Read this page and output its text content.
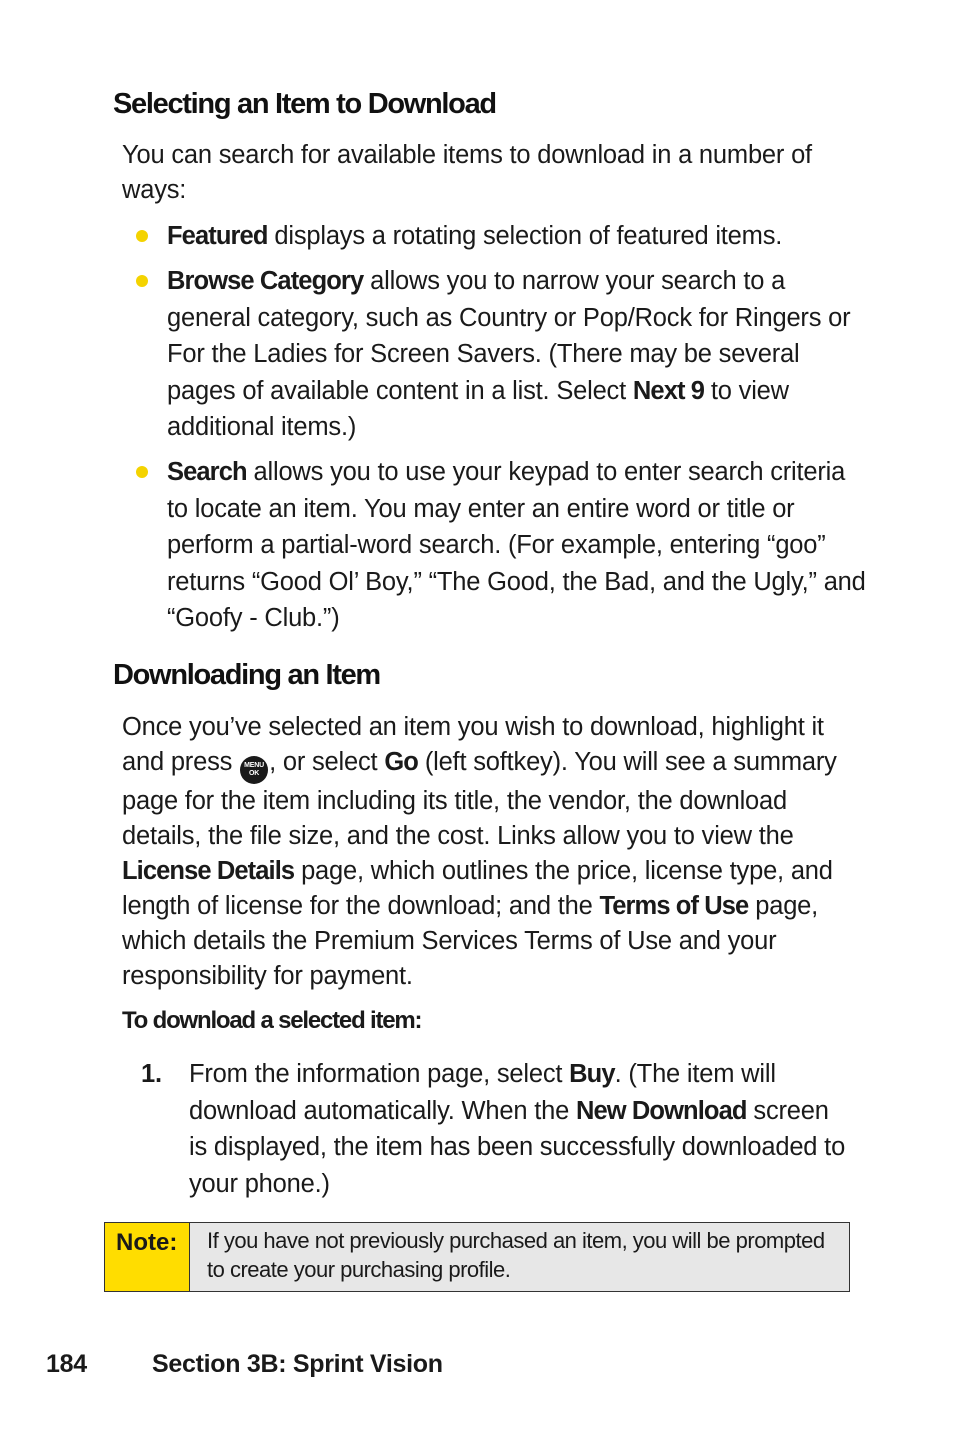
Selecting an Item to Download

You can search for available items to download in a number of ways:

Featured displays a rotating selection of featured items.

Browse Category allows you to narrow your search to a general category, such as Country or Pop/Rock for Ringers or For the Ladies for Screen Savers. (There may be several pages of available content in a list. Select Next 9 to view additional items.)

Search allows you to use your keypad to enter search criteria to locate an item. You may enter an entire word or title or perform a partial-word search. (For example, entering “goo” returns “Good Ol’ Boy,” “The Good, the Bad, and the Ugly,” and “Goofy - Club.”)

Downloading an Item

Once you’ve selected an item you wish to download, highlight it and press MENU
OK , or select Go (left softkey). You will see a summary page for the item including its title, the vendor, the download details, the file size, and the cost. Links allow you to view the License Details page, which outlines the price, license type, and length of license for the download; and the Terms of Use page, which details the Premium Services Terms of Use and your responsibility for payment.

To download a selected item:

1. From the information page, select Buy. (The item will download automatically. When the New Download screen is displayed, the item has been successfully downloaded to your phone.)

Note:	If you have not previously purchased an item, you will be prompted to create your purchasing profile.

184	Section 3B: Sprint Vision
